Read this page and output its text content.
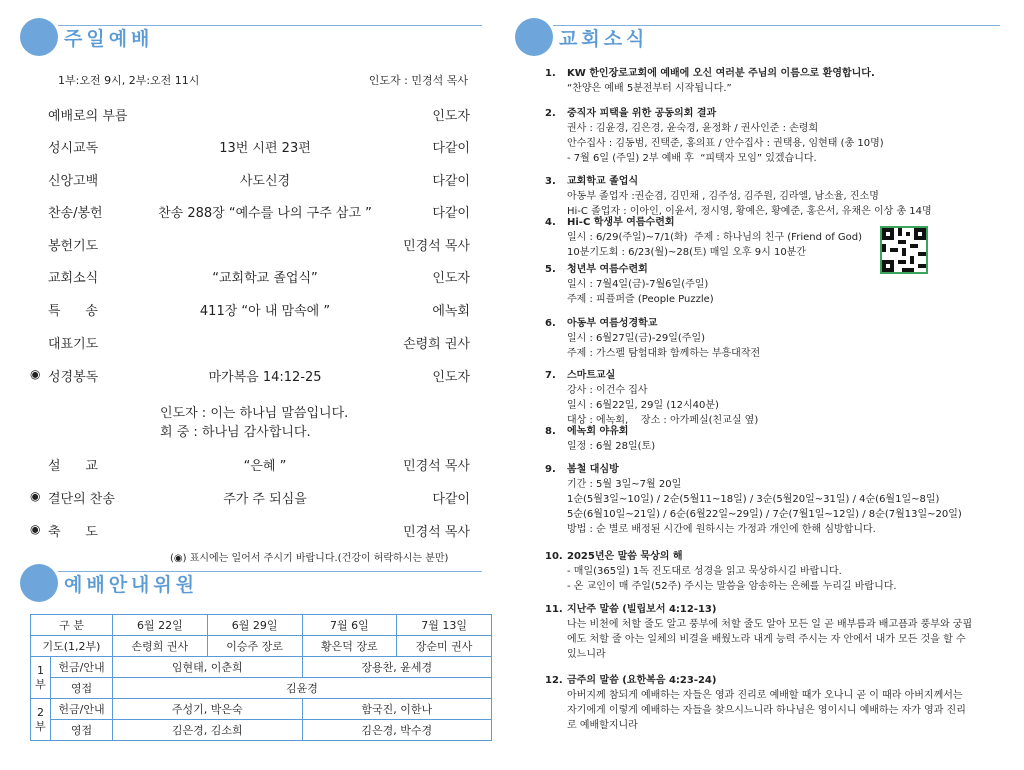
주일예배
1부:오전 9시, 2부:오전 11시	인도자 : 민경석 목사
예배로의 부름	인도자
성시교독	13번 시편 23편	다같이
신앙고백	사도신경	다같이
찬송/봉헌	찬송 288장 “예수를 나의 구주 삼고 ”	다같이
봉헌기도	민경석 목사
교회소식	“교회학교 졸업식”	인도자
특      송	411장 “아 내 맘속에 ”	에녹회
대표기도	손령희 권사
◉ 성경봉독	마가복음 14:12-25	인도자
설      교	“은혜 ”	민경석 목사
◉ 결단의 찬송	주가 주 되심을	다같이
◉ 축      도	민경석 목사
인도자 : 이는 하나님 말씀입니다.
회 중 : 하나님 감사합니다.
(◉) 표시에는 일어서 주시기 바랍니다.(건강이 허락하시는 분만)
예배안내위원
구 분		6월 22일	6월 29일	7월 6일	7월 13일
기도(1,2부)		손령희 권사	이승주 장로	황은덕 장로	장순미 권사
1
부	헌금/안내	임현태, 이춘희		장용찬, 윤세경	
	영접	김윤경			
2
부	헌금/안내	주성기, 박은숙		함국진, 이한나	
	영접	김은경, 김소희		김은경, 박수경	
교회소식
1. KW 한인장로교회에 예배에 오신 여러분 주님의 이름으로 환영합니다.
“찬양은 예배 5분전부터 시작됩니다.”
2. 중직자 피택을 위한 공동의회 결과
권사 : 김윤경, 김은경, 윤숙경, 윤정화 / 권사인준 : 손령희
안수집사 : 김동범, 진택준, 홍의표 / 안수집사 : 권택용, 임현태 (총 10명)
- 7월 6일 (주일) 2부 예배 후  “피택자 모임” 있겠습니다.
3. 교회학교 졸업식
아동부 졸업자 :권순겸, 김민채 , 김주성, 김주원, 김라엘, 남소율, 진소명
Hi-C 졸업자 : 이아인, 이윤서, 정시영, 황예은, 황예준, 홍은서, 유채은 이상 총 14명
4. Hi-C 학생부 여름수련회
일시 : 6/29(주일)~7/1(화)  주제 : 하나님의 친구 (Friend of God)
10분기도회 : 6/23(월)~28(토) 매일 오후 9시 10분간
5. 청년부 여름수련회
일시 : 7월4일(금)-7월6일(주일)
주제 : 피플퍼즐 (People Puzzle)
6. 아동부 여름성경학교
일시 : 6월27일(금)-29일(주일)
주제 : 가스펠 탐험대화 함께하는 부흥대작전
7. 스마트교실
강사 : 이건수 집사
일시 : 6월22일, 29일 (12시40분)
대상 : 에녹회,    장소 : 아가페실(친교실 옆)
8. 에녹회 야유회
일정 : 6월 28일(토)
9. 봄철 대심방
기간 : 5월 3일~7월 20일
1순(5월3일~10일) / 2순(5월11~18일) / 3순(5월20일~31일) / 4순(6월1일~8일)
5순(6월10일~21일) / 6순(6월22일~29일) / 7순(7월1일~12일) / 8순(7월13일~20일)
방법 : 순 별로 배정된 시간에 원하시는 가정과 개인에 한해 심방합니다.
10. 2025년은 말씀 묵상의 해
- 매일(365일) 1독 진도대로 성경을 읽고 묵상하시길 바랍니다.
- 온 교인이 매 주일(52주) 주시는 말씀을 암송하는 은혜를 누리길 바랍니다.
11. 지난주 말씀 (빌립보서 4:12-13)
나는 비천에 처할 줄도 알고 풍부에 처할 줄도 알아 모든 일 곧 배부름과 배고픔과 풍부와 궁핍
에도 처할 줄 아는 일체의 비결을 배웠노라 내게 능력 주시는 자 안에서 내가 모든 것을 할 수
있느니라
12. 금주의 말씀 (요한복음 4:23-24)
아버지께 참되게 예배하는 자들은 영과 진리로 예배할 때가 오나니 곧 이 때라 아버지께서는
자기에게 이렇게 예배하는 자들을 찾으시느니라 하나님은 영이시니 예배하는 자가 영과 진리
로 예배할지니라
